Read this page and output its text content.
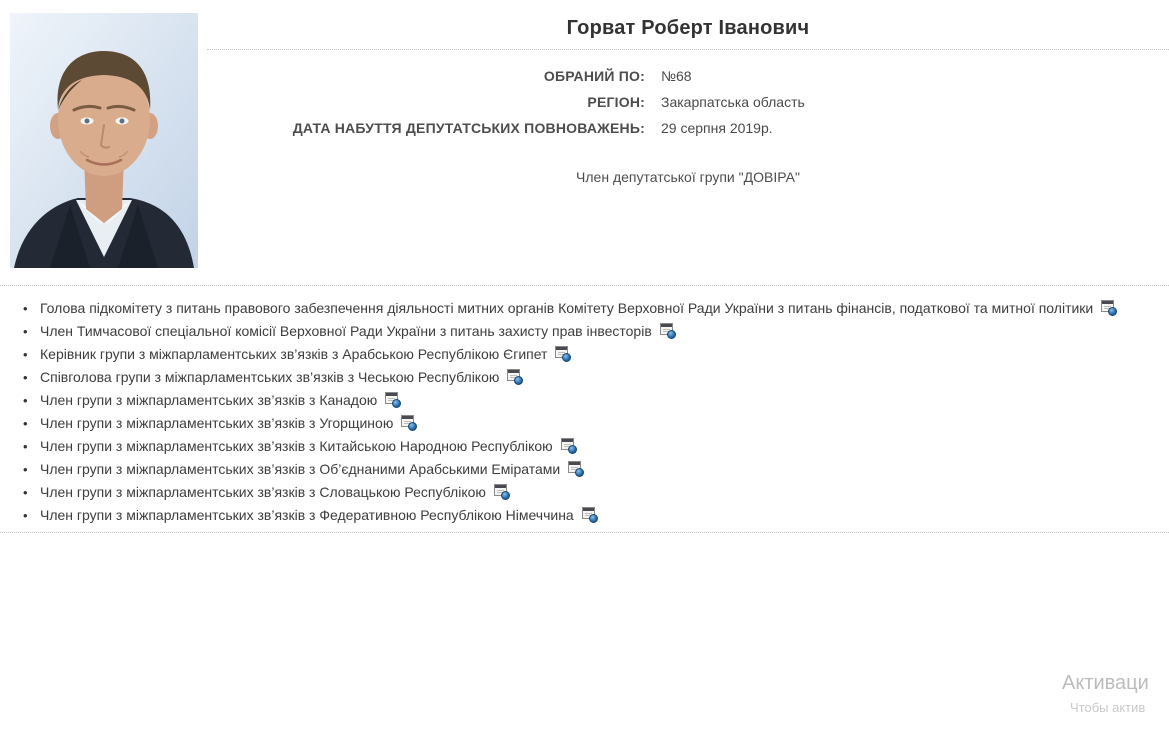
Горват Роберт Іванович
ОБРАНИЙ ПО: №68
РЕГІОН: Закарпатська область
ДАТА НАБУТТЯ ДЕПУТАТСЬКИХ ПОВНОВАЖЕНЬ: 29 серпня 2019р.
Член депутатської групи "ДОВІРА"
• Голова підкомітету з питань правового забезпечення діяльності митних органів Комітету Верховної Ради України з питань фінансів, податкової та митної політики
• Член Тимчасової спеціальної комісії Верховної Ради України з питань захисту прав інвесторів
• Керівник групи з міжпарламентських зв’язків з Арабською Республікою Єгипет
• Співголова групи з міжпарламентських зв’язків з Чеською Республікою
• Член групи з міжпарламентських зв’язків з Канадою
• Член групи з міжпарламентських зв’язків з Угорщиною
• Член групи з міжпарламентських зв’язків з Китайською Народною Республікою
• Член групи з міжпарламентських зв’язків з Об’єднаними Арабськими Еміратами
• Член групи з міжпарламентських зв’язків з Словацькою Республікою
• Член групи з міжпарламентських зв’язків з Федеративною Республікою Німеччина
Активаци
Чтобы актив
